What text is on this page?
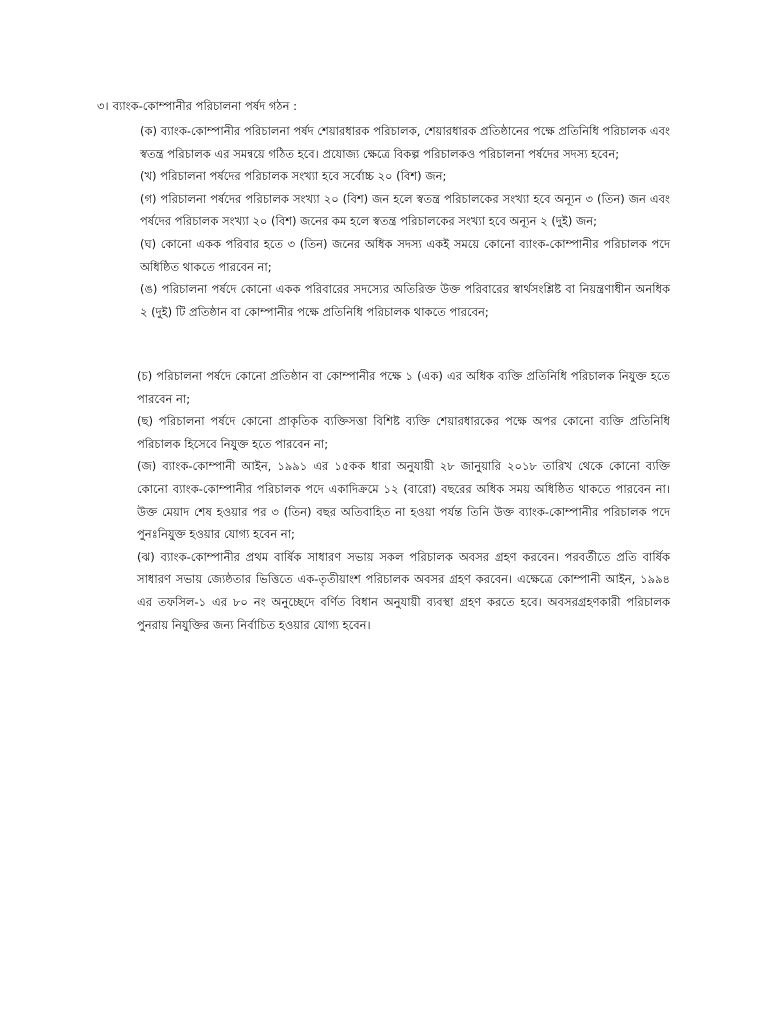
৩। ব্যাংক-কোম্পানীর পরিচালনা পর্ষদ গঠন :

(ক) ব্যাংক-কোম্পানীর পরিচালনা পর্ষদ শেয়ারধারক পরিচালক, শেয়ারধারক প্রতিষ্ঠানের পক্ষে প্রতিনিধি পরিচালক এবং স্বতন্ত্র পরিচালক এর সমন্বয়ে গঠিত হবে। প্রযোজ্য ক্ষেত্রে বিকল্প পরিচালকও পরিচালনা পর্ষদের সদস্য হবেন;

(খ) পরিচালনা পর্ষদের পরিচালক সংখ্যা হবে সর্বোচ্চ ২০ (বিশ) জন;

(গ) পরিচালনা পর্ষদের পরিচালক সংখ্যা ২০ (বিশ) জন হলে স্বতন্ত্র পরিচালকের সংখ্যা হবে অন্যূন ৩ (তিন) জন এবং পর্ষদের পরিচালক সংখ্যা ২০ (বিশ) জনের কম হলে স্বতন্ত্র পরিচালকের সংখ্যা হবে অন্যূন ২ (দুই) জন;

(ঘ) কোনো একক পরিবার হতে ৩ (তিন) জনের অধিক সদস্য একই সময়ে কোনো ব্যাংক-কোম্পানীর পরিচালক পদে অধিষ্ঠিত থাকতে পারবেন না;

(ঙ) পরিচালনা পর্ষদে কোনো একক পরিবারের সদস্যের অতিরিক্ত উক্ত পরিবারের স্বার্থসংশ্লিষ্ট বা নিয়ন্ত্রণাধীন অনধিক ২ (দুই) টি প্রতিষ্ঠান বা কোম্পানীর পক্ষে প্রতিনিধি পরিচালক থাকতে পারবেন;

(চ) পরিচালনা পর্ষদে কোনো প্রতিষ্ঠান বা কোম্পানীর পক্ষে ১ (এক) এর অধিক ব্যক্তি প্রতিনিধি পরিচালক নিযুক্ত হতে পারবেন না;

(ছ) পরিচালনা পর্ষদে কোনো প্রাকৃতিক ব্যক্তিসত্তা বিশিষ্ট ব্যক্তি শেয়ারধারকের পক্ষে অপর কোনো ব্যক্তি প্রতিনিধি পরিচালক হিসেবে নিযুক্ত হতে পারবেন না;

(জ) ব্যাংক-কোম্পানী আইন, ১৯৯১ এর ১৫কক ধারা অনুযায়ী ২৮ জানুয়ারি ২০১৮ তারিখ থেকে কোনো ব্যক্তি কোনো ব্যাংক-কোম্পানীর পরিচালক পদে একাদিক্রমে ১২ (বারো) বছরের অধিক সময় অধিষ্ঠিত থাকতে পারবেন না। উক্ত মেয়াদ শেষ হওয়ার পর ৩ (তিন) বছর অতিবাহিত না হওয়া পর্যন্ত তিনি উক্ত ব্যাংক-কোম্পানীর পরিচালক পদে পুনঃনিযুক্ত হওয়ার যোগ্য হবেন না;

(ঝ) ব্যাংক-কোম্পানীর প্রথম বার্ষিক সাধারণ সভায় সকল পরিচালক অবসর গ্রহণ করবেন। পরবর্তীতে প্রতি বার্ষিক সাধারণ সভায় জ্যেষ্ঠতার ভিত্তিতে এক-তৃতীয়াংশ পরিচালক অবসর গ্রহণ করবেন। এক্ষেত্রে কোম্পানী আইন, ১৯৯৪ এর তফসিল-১ এর ৮০ নং অনুচ্ছেদে বর্ণিত বিধান অনুযায়ী ব্যবস্থা গ্রহণ করতে হবে। অবসরগ্রহণকারী পরিচালক পুনরায় নিযুক্তির জন্য নির্বাচিত হওয়ার যোগ্য হবেন।
